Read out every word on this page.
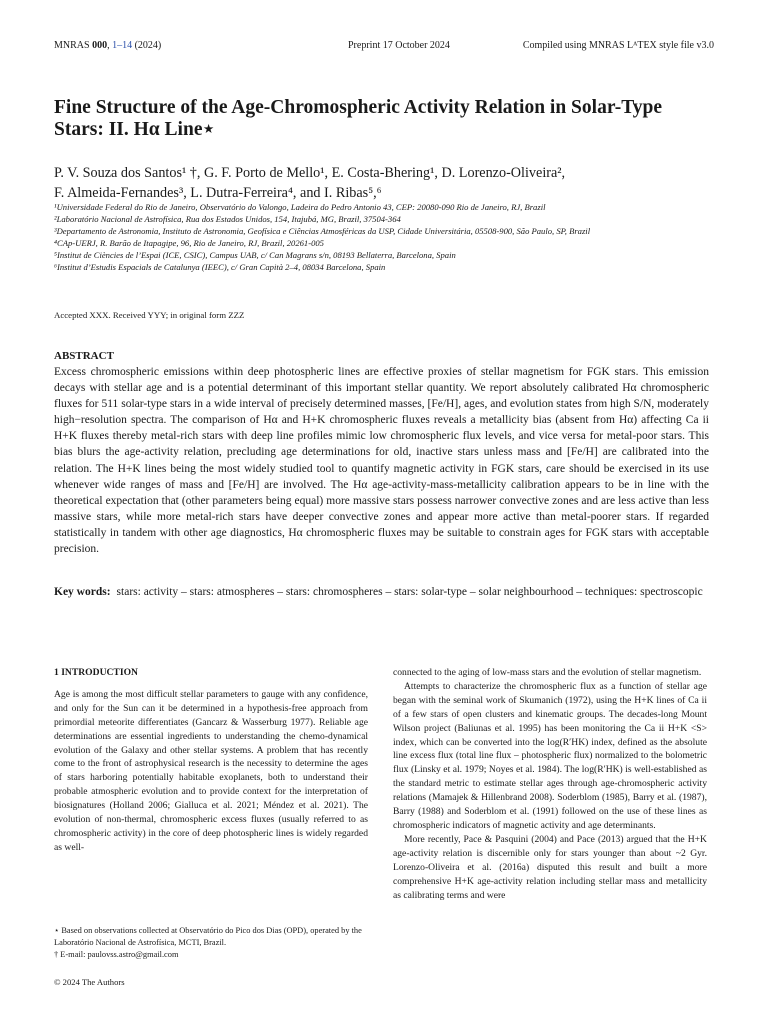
MNRAS 000, 1–14 (2024)	Preprint 17 October 2024	Compiled using MNRAS LᴬTEX style file v3.0
Fine Structure of the Age-Chromospheric Activity Relation in Solar-Type Stars: II. Hα Line⋆
P. V. Souza dos Santos¹ †, G. F. Porto de Mello¹, E. Costa-Bhering¹, D. Lorenzo-Oliveira²,
F. Almeida-Fernandes³, L. Dutra-Ferreira⁴, and I. Ribas⁵,⁶
¹Universidade Federal do Rio de Janeiro, Observatório do Valongo, Ladeira do Pedro Antonio 43, CEP: 20080-090 Rio de Janeiro, RJ, Brazil
²Laboratório Nacional de Astrofísica, Rua dos Estados Unidos, 154, Itajubá, MG, Brazil, 37504-364
³Departamento de Astronomia, Instituto de Astronomia, Geofísica e Ciências Atmosféricas da USP, Cidade Universitária, 05508-900, São Paulo, SP, Brazil
⁴CAp-UERJ, R. Barão de Itapagipe, 96, Rio de Janeiro, RJ, Brazil, 20261-005
⁵Institut de Ciències de l’Espai (ICE, CSIC), Campus UAB, c/ Can Magrans s/n, 08193 Bellaterra, Barcelona, Spain
⁶Institut d’Estudis Espacials de Catalunya (IEEC), c/ Gran Capità 2–4, 08034 Barcelona, Spain
Accepted XXX. Received YYY; in original form ZZZ
ABSTRACT
Excess chromospheric emissions within deep photospheric lines are effective proxies of stellar magnetism for FGK stars. This emission decays with stellar age and is a potential determinant of this important stellar quantity. We report absolutely calibrated Hα chromospheric fluxes for 511 solar-type stars in a wide interval of precisely determined masses, [Fe/H], ages, and evolution states from high S/N, moderately high−resolution spectra. The comparison of Hα and H+K chromospheric fluxes reveals a metallicity bias (absent from Hα) affecting Ca ii H+K fluxes thereby metal-rich stars with deep line profiles mimic low chromospheric flux levels, and vice versa for metal-poor stars. This bias blurs the age-activity relation, precluding age determinations for old, inactive stars unless mass and [Fe/H] are calibrated into the relation. The H+K lines being the most widely studied tool to quantify magnetic activity in FGK stars, care should be exercised in its use whenever wide ranges of mass and [Fe/H] are involved. The Hα age-activity-mass-metallicity calibration appears to be in line with the theoretical expectation that (other parameters being equal) more massive stars possess narrower convective zones and are less active than less massive stars, while more metal-rich stars have deeper convective zones and appear more active than metal-poorer stars. If regarded statistically in tandem with other age diagnostics, Hα chromospheric fluxes may be suitable to constrain ages for FGK stars with acceptable precision.
Key words: stars: activity – stars: atmospheres – stars: chromospheres – stars: solar-type – solar neighbourhood – techniques: spectroscopic
1 INTRODUCTION

Age is among the most difficult stellar parameters to gauge with any confidence, and only for the Sun can it be determined in a hypothesis-free approach from primordial meteorite differentiates (Gancarz & Wasserburg 1977). Reliable age determinations are essential ingredients to understanding the chemo-dynamical evolution of the Galaxy and other stellar systems. A problem that has recently come to the front of astrophysical research is the necessity to determine the ages of stars harboring potentially habitable exoplanets, both to understand their probable atmospheric evolution and to provide context for the interpretation of biosignatures (Holland 2006; Gialluca et al. 2021; Méndez et al. 2021). The evolution of non-thermal, chromospheric excess fluxes (usually referred to as chromospheric activity) in the core of deep photospheric lines is widely regarded as well-

connected to the aging of low-mass stars and the evolution of stellar magnetism.

Attempts to characterize the chromospheric flux as a function of stellar age began with the seminal work of Skumanich (1972), using the H+K lines of Ca ii of a few stars of open clusters and kinematic groups. The decades-long Mount Wilson project (Baliunas et al. 1995) has been monitoring the Ca ii H+K <S> index, which can be converted into the log(R′HK) index, defined as the absolute line excess flux (total line flux – photospheric flux) normalized to the bolometric flux (Linsky et al. 1979; Noyes et al. 1984). The log(R′HK) is well-established as the standard metric to estimate stellar ages through age-chromospheric activity relations (Mamajek & Hillenbrand 2008). Soderblom (1985), Barry et al. (1987), Barry (1988) and Soderblom et al. (1991) followed on the use of these lines as chromospheric indicators of magnetic activity and age determinants.

More recently, Pace & Pasquini (2004) and Pace (2013) argued that the H+K age-activity relation is discernible only for stars younger than about ~2 Gyr. Lorenzo-Oliveira et al. (2016a) disputed this result and built a more comprehensive H+K age-activity relation including stellar mass and metallicity as calibrating terms and were

⋆ Based on observations collected at Observatório do Pico dos Dias (OPD), operated by the Laboratório Nacional de Astrofísica, MCTI, Brazil.
† E-mail: paulovss.astro@gmail.com
© 2024 The Authors
